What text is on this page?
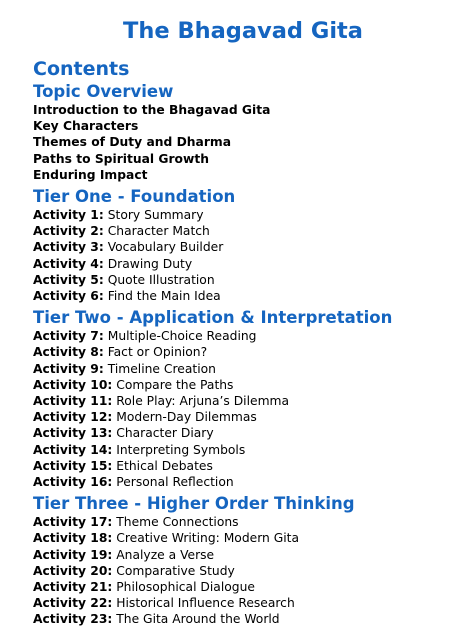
The Bhagavad Gita
Contents
Topic Overview
Introduction to the Bhagavad Gita
Key Characters
Themes of Duty and Dharma
Paths to Spiritual Growth
Enduring Impact
Tier One - Foundation
Activity 1: Story Summary
Activity 2: Character Match
Activity 3: Vocabulary Builder
Activity 4: Drawing Duty
Activity 5: Quote Illustration
Activity 6: Find the Main Idea
Tier Two - Application & Interpretation
Activity 7: Multiple-Choice Reading
Activity 8: Fact or Opinion?
Activity 9: Timeline Creation
Activity 10: Compare the Paths
Activity 11: Role Play: Arjuna’s Dilemma
Activity 12: Modern-Day Dilemmas
Activity 13: Character Diary
Activity 14: Interpreting Symbols
Activity 15: Ethical Debates
Activity 16: Personal Reflection
Tier Three - Higher Order Thinking
Activity 17: Theme Connections
Activity 18: Creative Writing: Modern Gita
Activity 19: Analyze a Verse
Activity 20: Comparative Study
Activity 21: Philosophical Dialogue
Activity 22: Historical Influence Research
Activity 23: The Gita Around the World
